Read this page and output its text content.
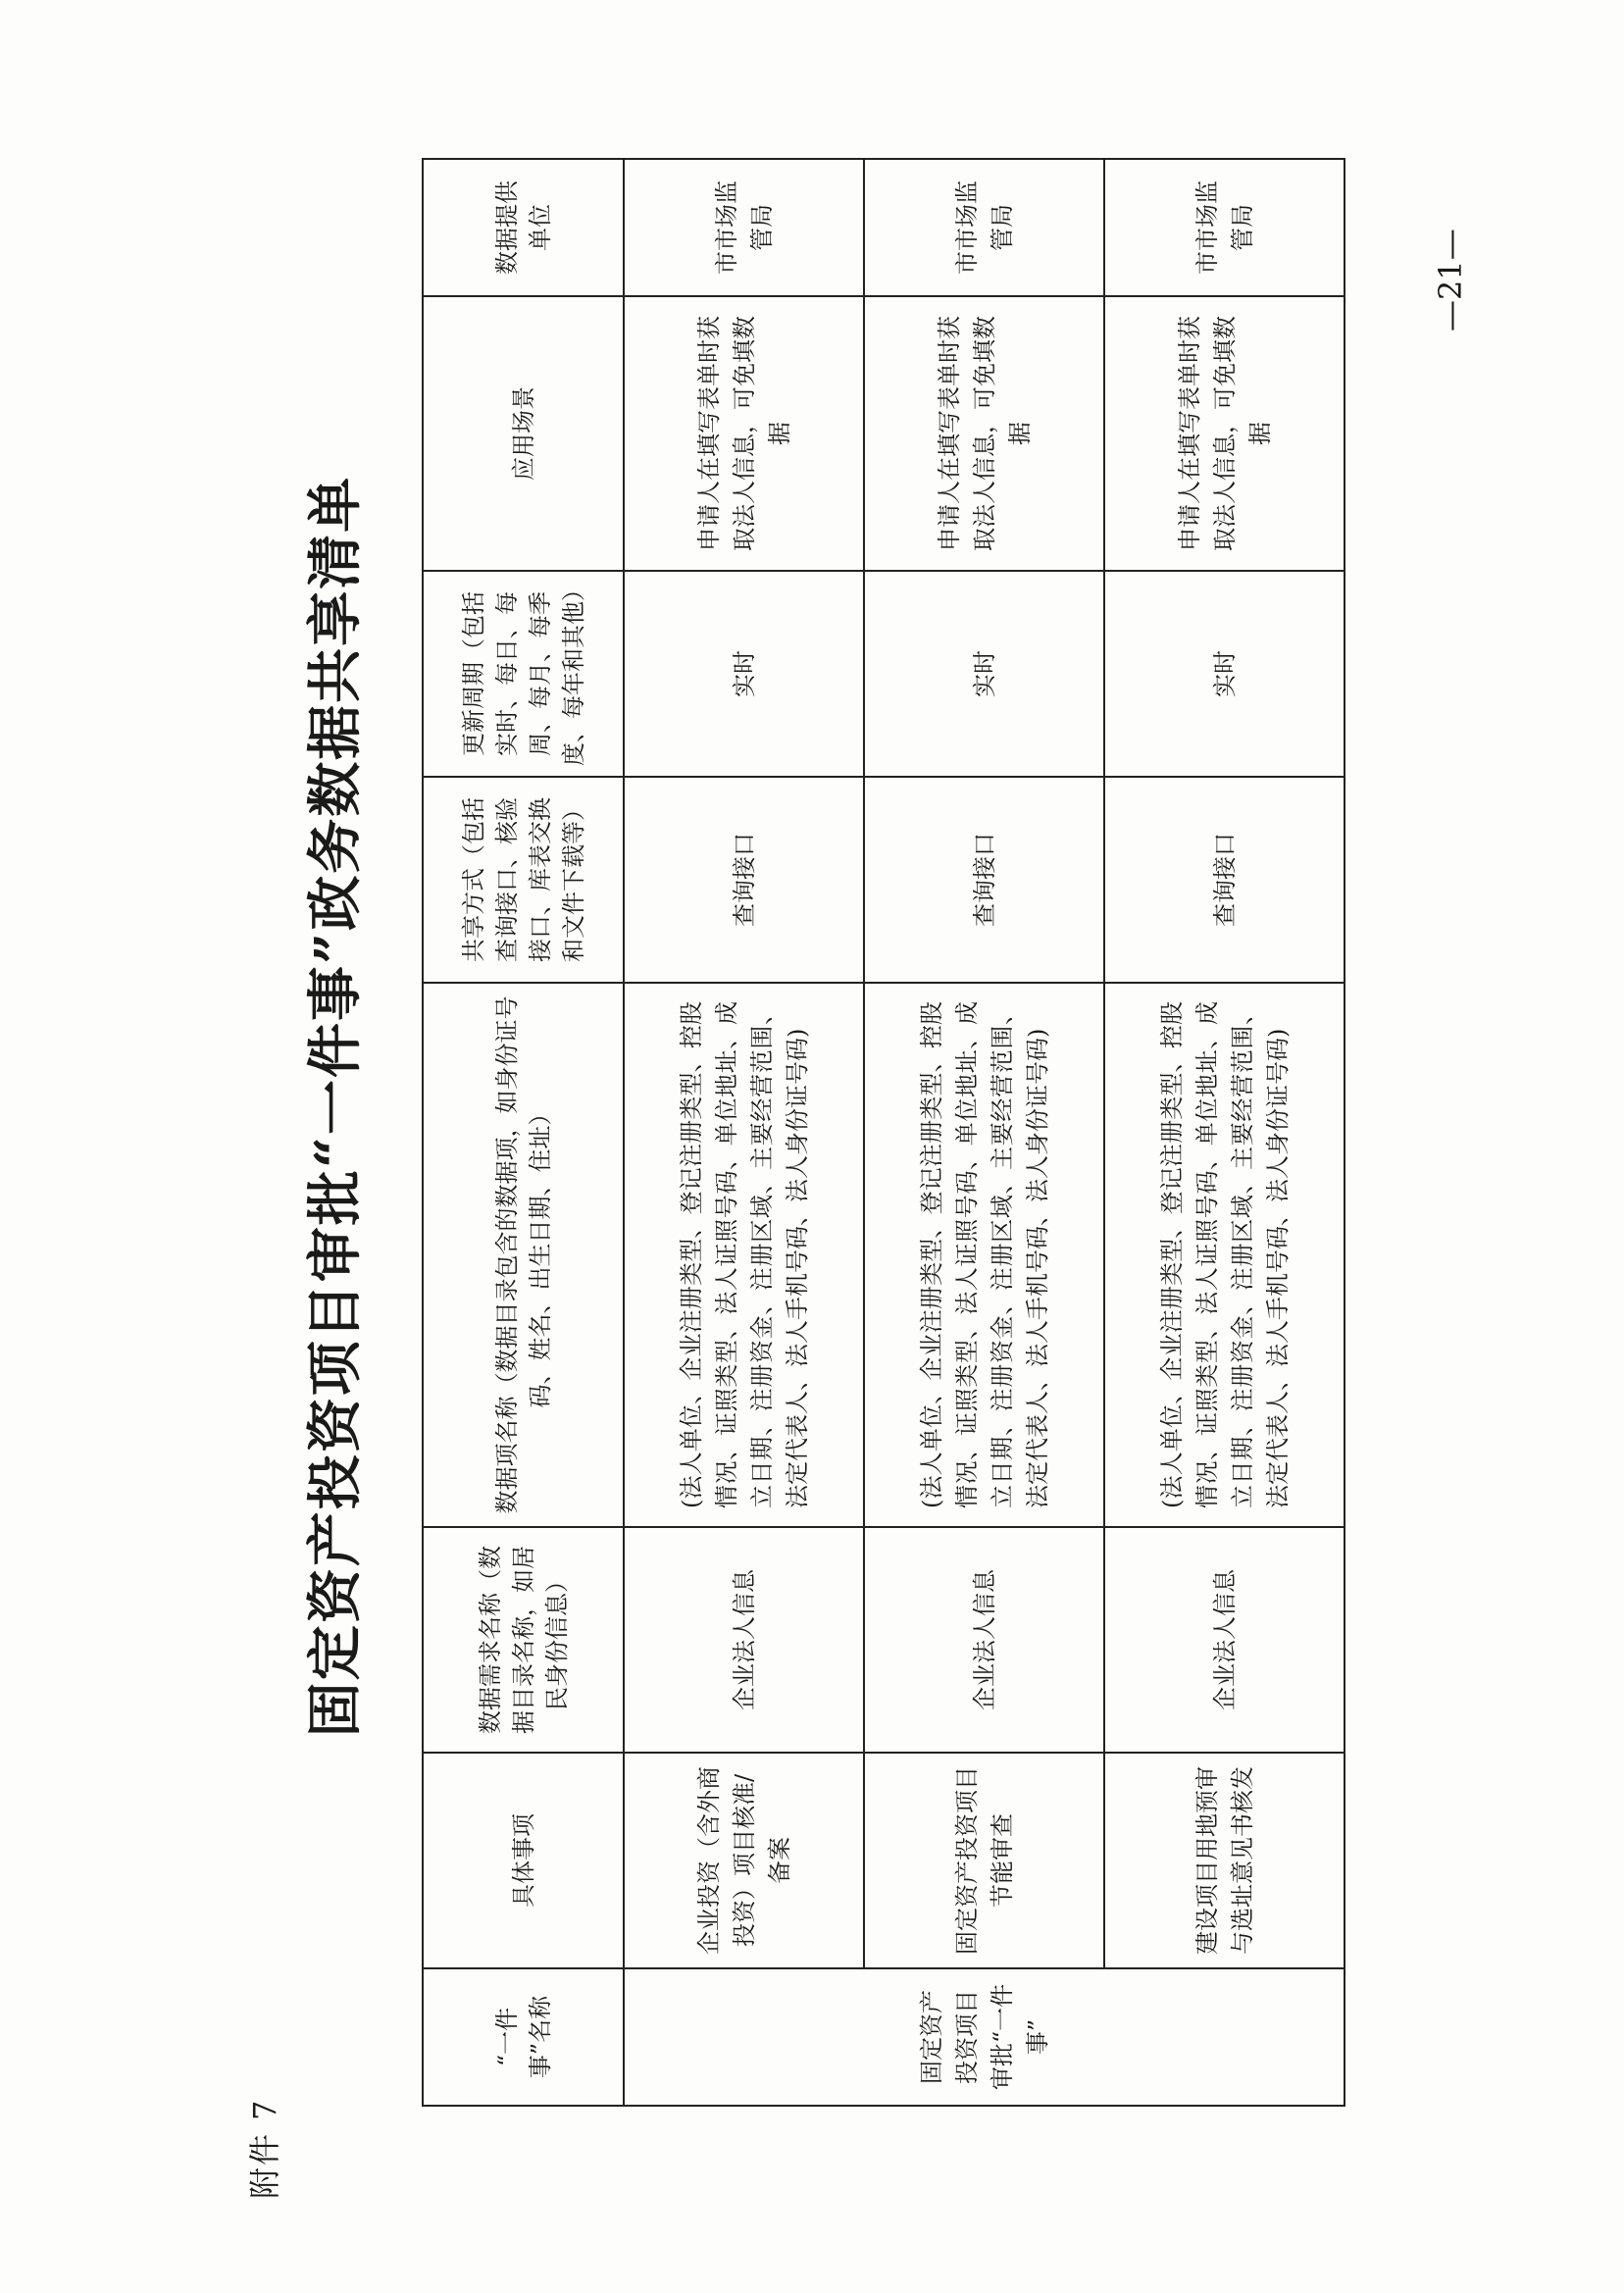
附件 7
固定资产投资项目审批“一件事”政务数据共享清单
“一件事”名称	具体事项	数据需求名称（数据目录名称，如居民身份信息）	数据项名称（数据目录包含的数据项，如身份证号码、姓名、出生日期、住址）	共享方式（包括查询接口、核验接口、库表交换和文件下载等）	更新周期（包括实时、每日、每周、每月、每季度、每年和其他）	应用场景	数据提供单位
固定资产投资项目审批“一件事”	企业投资（含外商投资）项目核准/备案	企业法人信息	(法人单位、企业注册类型、登记注册类型、控股情况、证照类型、法人证照号码、单位地址、成立日期、注册资金、注册区域、主要经营范围、法定代表人、法人手机号码、法人身份证号码)	查询接口	实时	申请人在填写表单时获取法人信息，可免填数据	市市场监管局
	固定资产投资项目节能审查	企业法人信息	(法人单位、企业注册类型、登记注册类型、控股情况、证照类型、法人证照号码、单位地址、成立日期、注册资金、注册区域、主要经营范围、法定代表人、法人手机号码、法人身份证号码)	查询接口	实时	申请人在填写表单时获取法人信息，可免填数据	市市场监管局
	建设项目用地预审与选址意见书核发	企业法人信息	(法人单位、企业注册类型、登记注册类型、控股情况、证照类型、法人证照号码、单位地址、成立日期、注册资金、注册区域、主要经营范围、法定代表人、法人手机号码、法人身份证号码)	查询接口	实时	申请人在填写表单时获取法人信息，可免填数据	市市场监管局
—21—
